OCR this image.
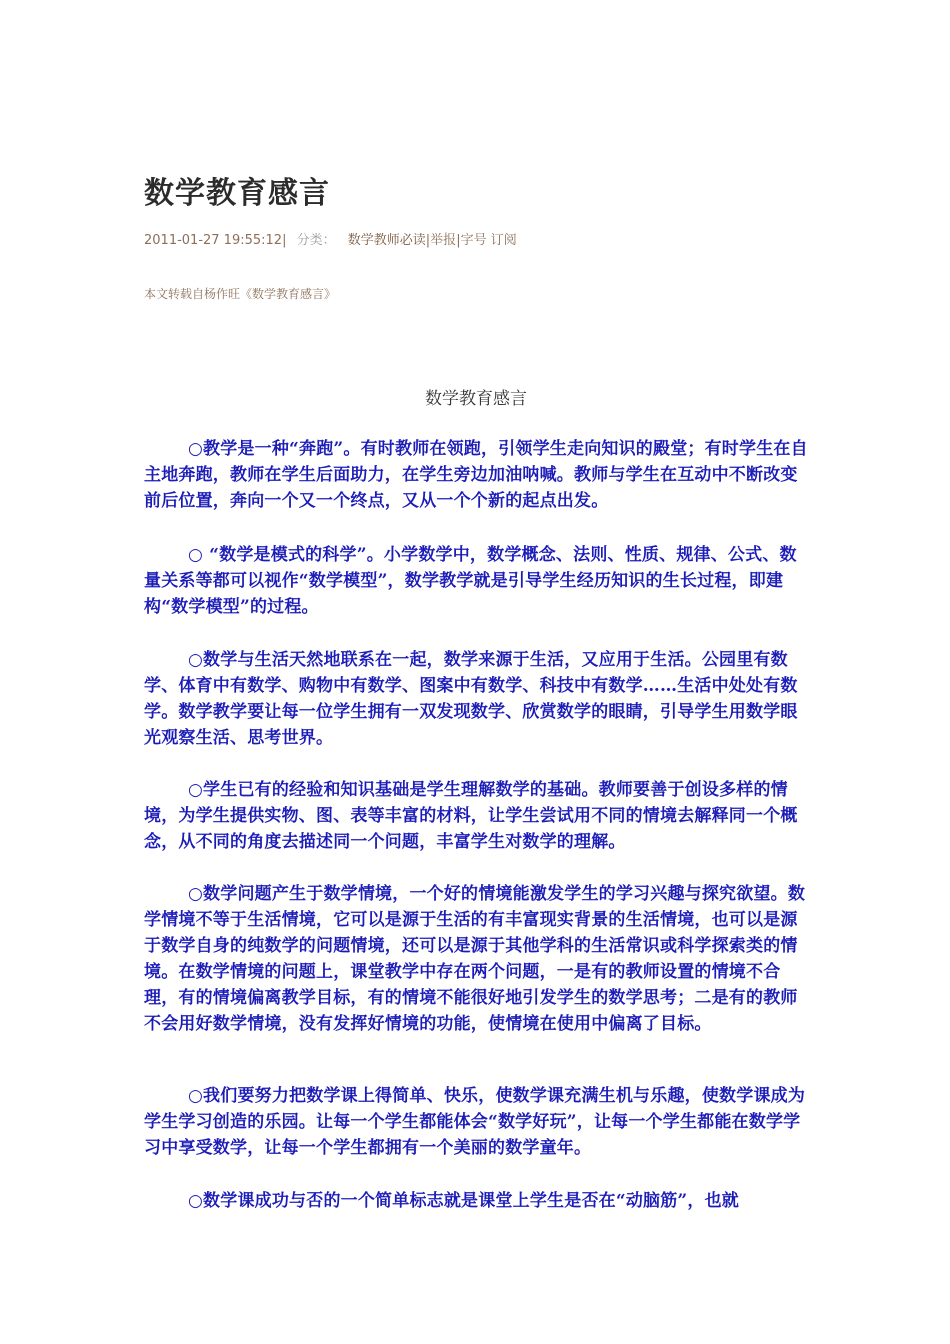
数学教育感言
2011-01-27 19:55:12| 分类： 数学教师必读|举报|字号 订阅
本文转载自杨作旺《数学教育感言》
数学教育感言

○教学是一种“奔跑”。有时教师在领跑，引领学生走向知识的殿堂；有时学生在自主地奔跑，教师在学生后面助力，在学生旁边加油呐喊。教师与学生在互动中不断改变前后位置，奔向一个又一个终点，又从一个个新的起点出发。

○ “数学是模式的科学”。小学数学中，数学概念、法则、性质、规律、公式、数量关系等都可以视作“数学模型”，数学教学就是引导学生经历知识的生长过程，即建构“数学模型”的过程。

○数学与生活天然地联系在一起，数学来源于生活，又应用于生活。公园里有数学、体育中有数学、购物中有数学、图案中有数学、科技中有数学……生活中处处有数学。数学教学要让每一位学生拥有一双发现数学、欣赏数学的眼睛，引导学生用数学眼光观察生活、思考世界。

○学生已有的经验和知识基础是学生理解数学的基础。教师要善于创设多样的情境，为学生提供实物、图、表等丰富的材料，让学生尝试用不同的情境去解释同一个概念，从不同的角度去描述同一个问题，丰富学生对数学的理解。

○数学问题产生于数学情境，一个好的情境能激发学生的学习兴趣与探究欲望。数学情境不等于生活情境，它可以是源于生活的有丰富现实背景的生活情境，也可以是源于数学自身的纯数学的问题情境，还可以是源于其他学科的生活常识或科学探索类的情境。在数学情境的问题上，课堂教学中存在两个问题，一是有的教师设置的情境不合理，有的情境偏离教学目标，有的情境不能很好地引发学生的数学思考；二是有的教师不会用好数学情境，没有发挥好情境的功能，使情境在使用中偏离了目标。

○我们要努力把数学课上得简单、快乐，使数学课充满生机与乐趣，使数学课成为学生学习创造的乐园。让每一个学生都能体会“数学好玩”，让每一个学生都能在数学学习中享受数学，让每一个学生都拥有一个美丽的数学童年。

○数学课成功与否的一个简单标志就是课堂上学生是否在“动脑筋”，也就
